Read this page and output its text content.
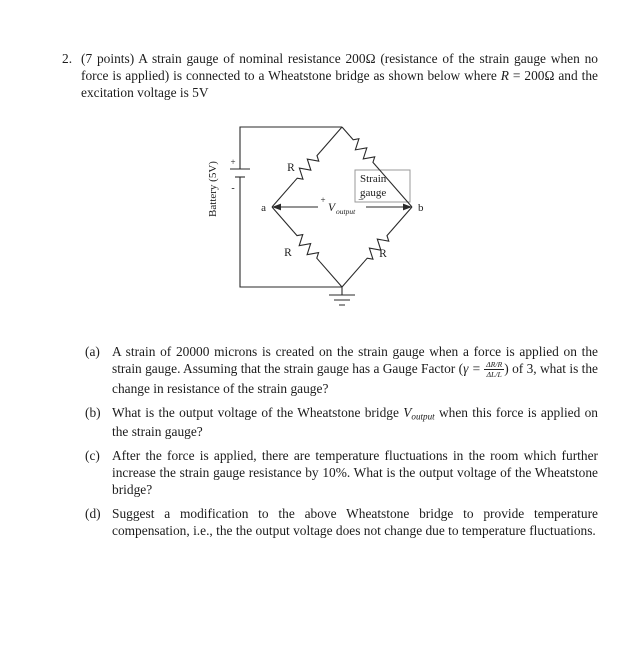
2. (7 points) A strain gauge of nominal resistance 200Ω (resistance of the strain gauge when no force is applied) is connected to a Wheatstone bridge as shown below where R = 200Ω and the excitation voltage is 5V
Battery (5V) +
-
R
R	R
Strain
gauge
a	b
+
V output
−
(a) A strain of 20000 microns is created on the strain gauge when a force is applied on the strain gauge. Assuming that the strain gauge has a Gauge Factor ($\gamma = \frac{\Delta R/R}{\Delta L/L}$ ) of 3, what is the change in resistance of the strain gauge?
(b) What is the output voltage of the Wheatstone bridge Voutput when this force is applied on the strain gauge?
(c) After the force is applied, there are temperature fluctuations in the room which further increase the strain gauge resistance by 10%. What is the output voltage of the Wheatstone bridge?
(d) Suggest a modification to the above Wheatstone bridge to provide temperature compensation, i.e., the the output voltage does not change due to temperature fluctuations.
